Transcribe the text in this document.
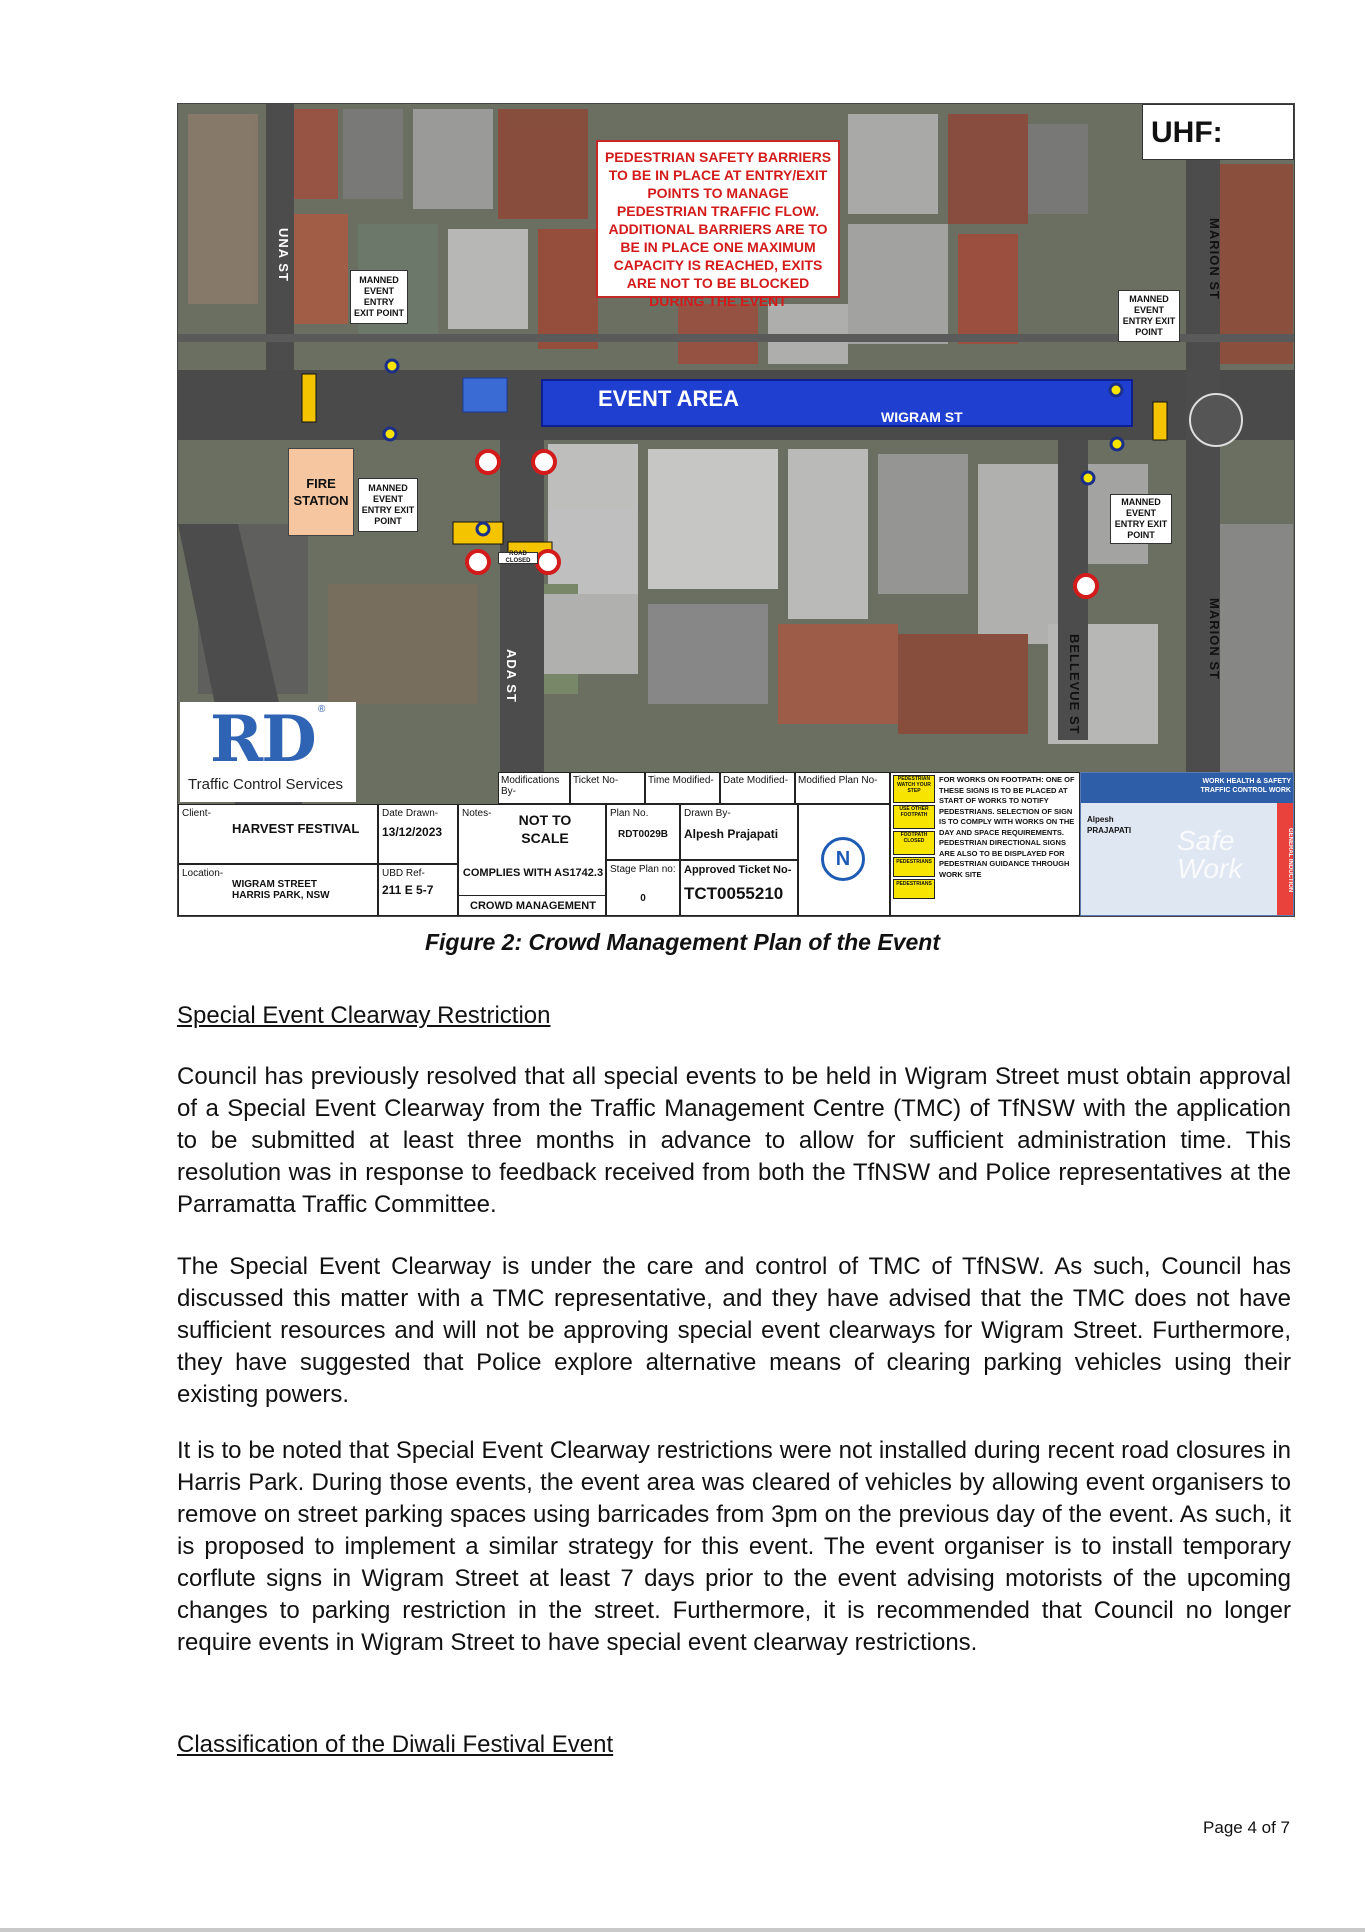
PEDESTRIAN SAFETY BARRIERS TO BE IN PLACE AT ENTRY/EXIT POINTS TO MANAGE PEDESTRIAN TRAFFIC FLOW. ADDITIONAL BARRIERS ARE TO BE IN PLACE ONE MAXIMUM CAPACITY IS REACHED, EXITS ARE NOT TO BE BLOCKED DURING THE EVENT
UHF:
MANNED EVENT ENTRY EXIT POINT
MANNED EVENT ENTRY EXIT POINT
MANNED EVENT ENTRY EXIT POINT
MANNED EVENT ENTRY EXIT POINT
EVENT AREA
WIGRAM ST
UNA ST	MARION ST
MARION ST
ADA ST	BELLEVUE ST
FIRE STATION
ROAD CLOSED
RD ®
Traffic Control Services	Modifications By-
Ticket No-	Time Modified- Date Modified- Modified Plan No-
Client-
HARVEST FESTIVAL
Location-
WIGRAM STREET
HARRIS PARK, NSW
Date Drawn-
13/12/2023
UBD Ref-
211 E 5-7
Notes-	NOT TO SCALE
COMPLIES WITH AS1742.3
CROWD MANAGEMENT
Plan No.
RDT0029B
Stage Plan no:
0
Drawn By-
Alpesh Prajapati
Approved Ticket No-
TCT0055210
N
PEDESTRIAN WATCH YOUR STEP
USE OTHER FOOTPATH
FOOTPATH CLOSED
PEDESTRIANS
PEDESTRIANS
FOR WORKS ON FOOTPATH: ONE OF THESE SIGNS IS TO BE PLACED AT START OF WORKS TO NOTIFY PEDESTRIANS. SELECTION OF SIGN IS TO COMPLY WITH WORKS ON THE DAY AND SPACE REQUIREMENTS. PEDESTRIAN DIRECTIONAL SIGNS ARE ALSO TO BE DISPLAYED FOR PEDESTRIAN GUIDANCE THROUGH WORK SITE
WORK HEALTH & SAFETY TRAFFIC CONTROL WORK
Alpesh
PRAJAPATI Safe Work	GENERAL INDUCTION
Figure 2: Crowd Management Plan of the Event
Special Event Clearway Restriction
Council has previously resolved that all special events to be held in Wigram Street must obtain approval of a Special Event Clearway from the Traffic Management Centre (TMC) of TfNSW with the application to be submitted at least three months in advance to allow for sufficient administration time. This resolution was in response to feedback received from both the TfNSW and Police representatives at the Parramatta Traffic Committee.
The Special Event Clearway is under the care and control of TMC of TfNSW. As such, Council has discussed this matter with a TMC representative, and they have advised that the TMC does not have sufficient resources and will not be approving special event clearways for Wigram Street. Furthermore, they have suggested that Police explore alternative means of clearing parking vehicles using their existing powers.
It is to be noted that Special Event Clearway restrictions were not installed during recent road closures in Harris Park. During those events, the event area was cleared of vehicles by allowing event organisers to remove on street parking spaces using barricades from 3pm on the previous day of the event. As such, it is proposed to implement a similar strategy for this event. The event organiser is to install temporary corflute signs in Wigram Street at least 7 days prior to the event advising motorists of the upcoming changes to parking restriction in the street. Furthermore, it is recommended that Council no longer require events in Wigram Street to have special event clearway restrictions.
Classification of the Diwali Festival Event
Page 4 of 7
